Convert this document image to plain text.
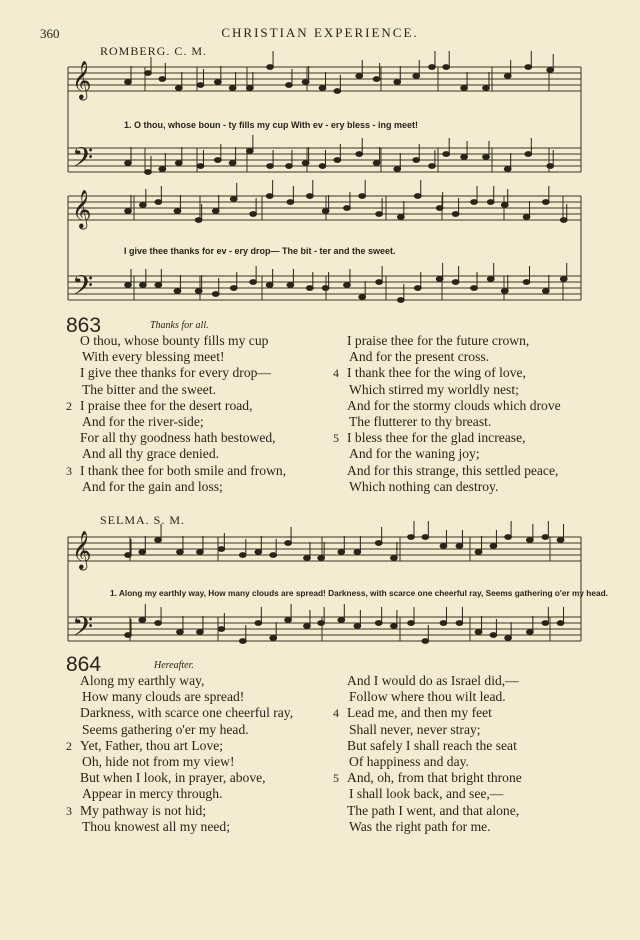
360	CHRISTIAN EXPERIENCE.
ROMBERG. C. M.
𝄞
𝄢
𝄞
𝄢
𝄞
𝄢
1. O thou, whose boun - ty fills my cup With ev - ery bless - ing meet!
I give thee thanks for ev - ery drop— The bit - ter and the sweet.
863	Thanks for all.
O thou, whose bounty fills my cup
With every blessing meet!
I give thee thanks for every drop—
The bitter and the sweet.
2 I praise thee for the desert road,
And for the river-side;
For all thy goodness hath bestowed,
And all thy grace denied.
3 I thank thee for both smile and frown,
And for the gain and loss;
I praise thee for the future crown,
And for the present cross.
4 I thank thee for the wing of love,
Which stirred my worldly nest;
And for the stormy clouds which drove
The flutterer to thy breast.
5 I bless thee for the glad increase,
And for the waning joy;
And for this strange, this settled peace,
Which nothing can destroy.
SELMA. S. M.
1. Along my earthly way, How many clouds are spread! Darkness, with scarce one cheerful ray, Seems gathering o'er my head.
864	Hereafter.
Along my earthly way,
How many clouds are spread!
Darkness, with scarce one cheerful ray,
Seems gathering o'er my head.
2 Yet, Father, thou art Love;
Oh, hide not from my view!
But when I look, in prayer, above,
Appear in mercy through.
3 My pathway is not hid;
Thou knowest all my need;
And I would do as Israel did,—
Follow where thou wilt lead.
4 Lead me, and then my feet
Shall never, never stray;
But safely I shall reach the seat
Of happiness and day.
5 And, oh, from that bright throne
I shall look back, and see,—
The path I went, and that alone,
Was the right path for me.
